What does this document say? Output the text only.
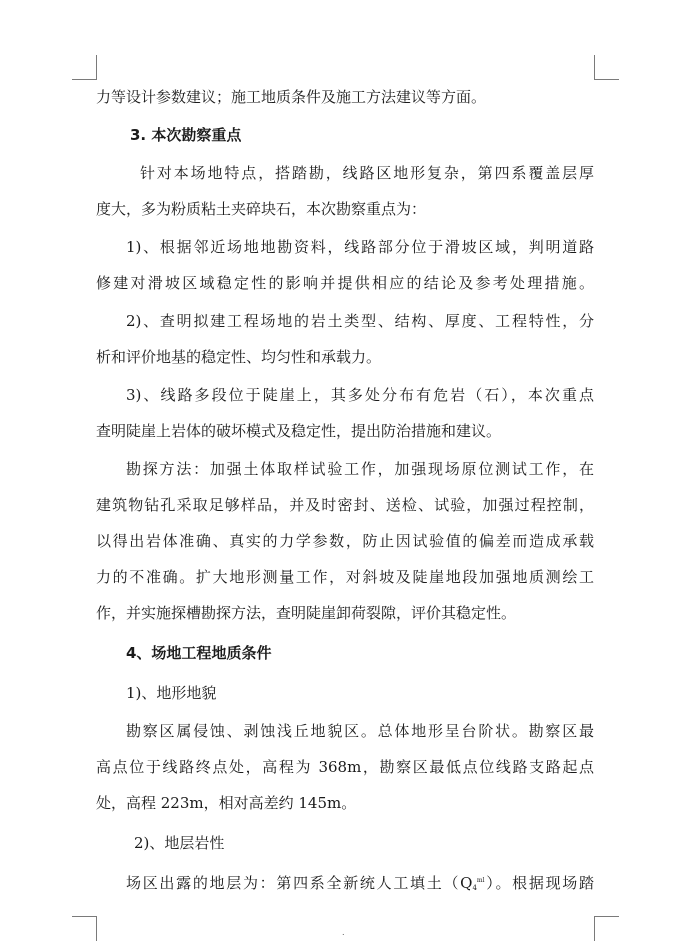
力等设计参数建议；施工地质条件及施工方法建议等方面。
3. 本次勘察重点
针对本场地特点，搭踏勘，线路区地形复杂，第四系覆盖层厚
度大，多为粉质粘土夹碎块石，本次勘察重点为：
1)、根据邻近场地地勘资料，线路部分位于滑坡区域，判明道路
修建对滑坡区域稳定性的影响并提供相应的结论及参考处理措施。
2)、查明拟建工程场地的岩土类型、结构、厚度、工程特性，分
析和评价地基的稳定性、均匀性和承载力。
3)、线路多段位于陡崖上，其多处分布有危岩（石），本次重点
查明陡崖上岩体的破坏模式及稳定性，提出防治措施和建议。
勘探方法：加强土体取样试验工作，加强现场原位测试工作，在
建筑物钻孔采取足够样品，并及时密封、送检、试验，加强过程控制，
以得出岩体准确、真实的力学参数，防止因试验值的偏差而造成承载
力的不准确。扩大地形测量工作，对斜坡及陡崖地段加强地质测绘工
作，并实施探槽勘探方法，查明陡崖卸荷裂隙，评价其稳定性。
4、场地工程地质条件
1)、地形地貌
勘察区属侵蚀、剥蚀浅丘地貌区。总体地形呈台阶状。勘察区最
高点位于线路终点处，高程为 368m，勘察区最低点位线路支路起点
处，高程 223m，相对高差约 145m。
2)、地层岩性
场区出露的地层为：第四系全新统人工填土$(Q_4^{ml})$。根据现场踏
.
